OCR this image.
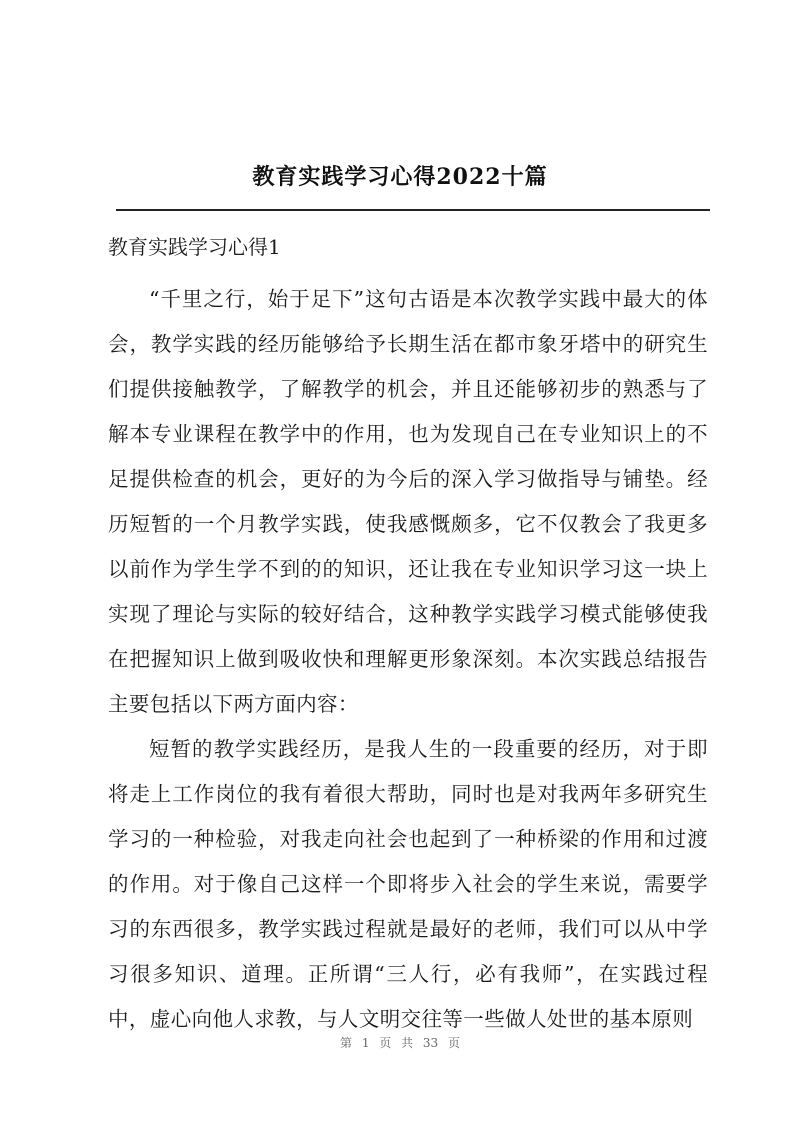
教育实践学习心得2022十篇
教育实践学习心得1

“千里之行，始于足下”这句古语是本次教学实践中最大的体会，教学实践的经历能够给予长期生活在都市象牙塔中的研究生们提供接触教学，了解教学的机会，并且还能够初步的熟悉与了解本专业课程在教学中的作用，也为发现自己在专业知识上的不足提供检查的机会，更好的为今后的深入学习做指导与铺垫。经历短暂的一个月教学实践，使我感慨颇多，它不仅教会了我更多以前作为学生学不到的的知识，还让我在专业知识学习这一块上实现了理论与实际的较好结合，这种教学实践学习模式能够使我在把握知识上做到吸收快和理解更形象深刻。本次实践总结报告主要包括以下两方面内容：

短暂的教学实践经历，是我人生的一段重要的经历，对于即将走上工作岗位的我有着很大帮助，同时也是对我两年多研究生学习的一种检验，对我走向社会也起到了一种桥梁的作用和过渡的作用。对于像自己这样一个即将步入社会的学生来说，需要学习的东西很多，教学实践过程就是最好的老师，我们可以从中学习很多知识、道理。正所谓“三人行，必有我师”，在实践过程中，虚心向他人求教，与人文明交往等一些做人处世的基本原则

第 1 页 共 33 页
